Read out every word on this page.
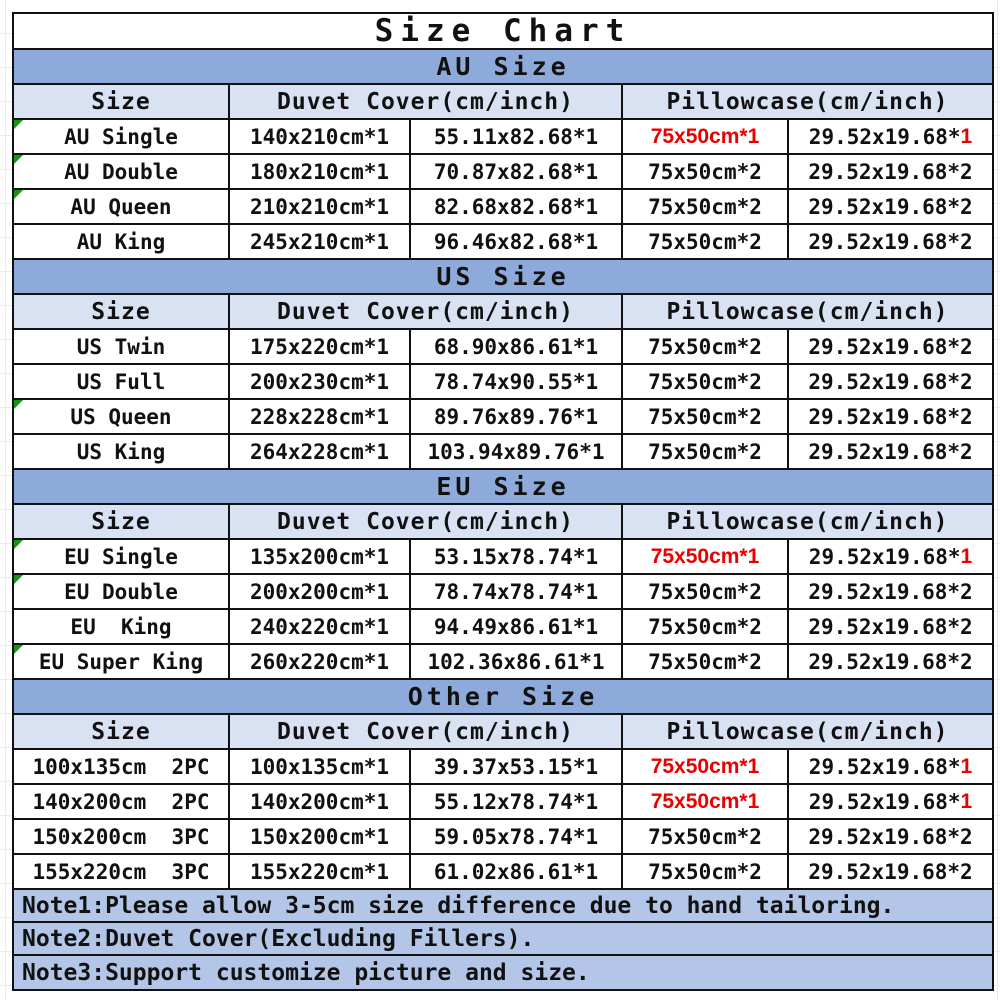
Size Chart
AU Size
Size	Duvet Cover(cm/inch)	Pillowcase(cm/inch)
AU Single	140x210cm*1	55.11x82.68*1	75x50cm*1	29.52x19.68* 1
AU Double	180x210cm*1	70.87x82.68*1	75x50cm*2	29.52x19.68*2
AU Queen	210x210cm*1	82.68x82.68*1	75x50cm*2	29.52x19.68*2
AU King	245x210cm*1	96.46x82.68*1	75x50cm*2	29.52x19.68*2
US Size
Size	Duvet Cover(cm/inch)	Pillowcase(cm/inch)
US Twin	175x220cm*1	68.90x86.61*1	75x50cm*2	29.52x19.68*2
US Full	200x230cm*1	78.74x90.55*1	75x50cm*2	29.52x19.68*2
US Queen	228x228cm*1	89.76x89.76*1	75x50cm*2	29.52x19.68*2
US King	264x228cm*1	103.94x89.76*1	75x50cm*2	29.52x19.68*2
EU Size
Size	Duvet Cover(cm/inch)	Pillowcase(cm/inch)
EU Single	135x200cm*1	53.15x78.74*1	75x50cm*1	29.52x19.68* 1
EU Double	200x200cm*1	78.74x78.74*1	75x50cm*2	29.52x19.68*2
EU  King	240x220cm*1	94.49x86.61*1	75x50cm*2	29.52x19.68*2
EU Super King	260x220cm*1	102.36x86.61*1	75x50cm*2	29.52x19.68*2
Other Size
Size	Duvet Cover(cm/inch)	Pillowcase(cm/inch)
100x135cm  2PC	100x135cm*1	39.37x53.15*1	75x50cm*1	29.52x19.68* 1
140x200cm  2PC	140x200cm*1	55.12x78.74*1	75x50cm*1	29.52x19.68* 1
150x200cm  3PC	150x200cm*1	59.05x78.74*1	75x50cm*2	29.52x19.68*2
155x220cm  3PC	155x220cm*1	61.02x86.61*1	75x50cm*2	29.52x19.68*2
Note1:Please allow 3-5cm size difference due to hand tailoring.
Note2:Duvet Cover(Excluding Fillers).
Note3:Support customize picture and size.
